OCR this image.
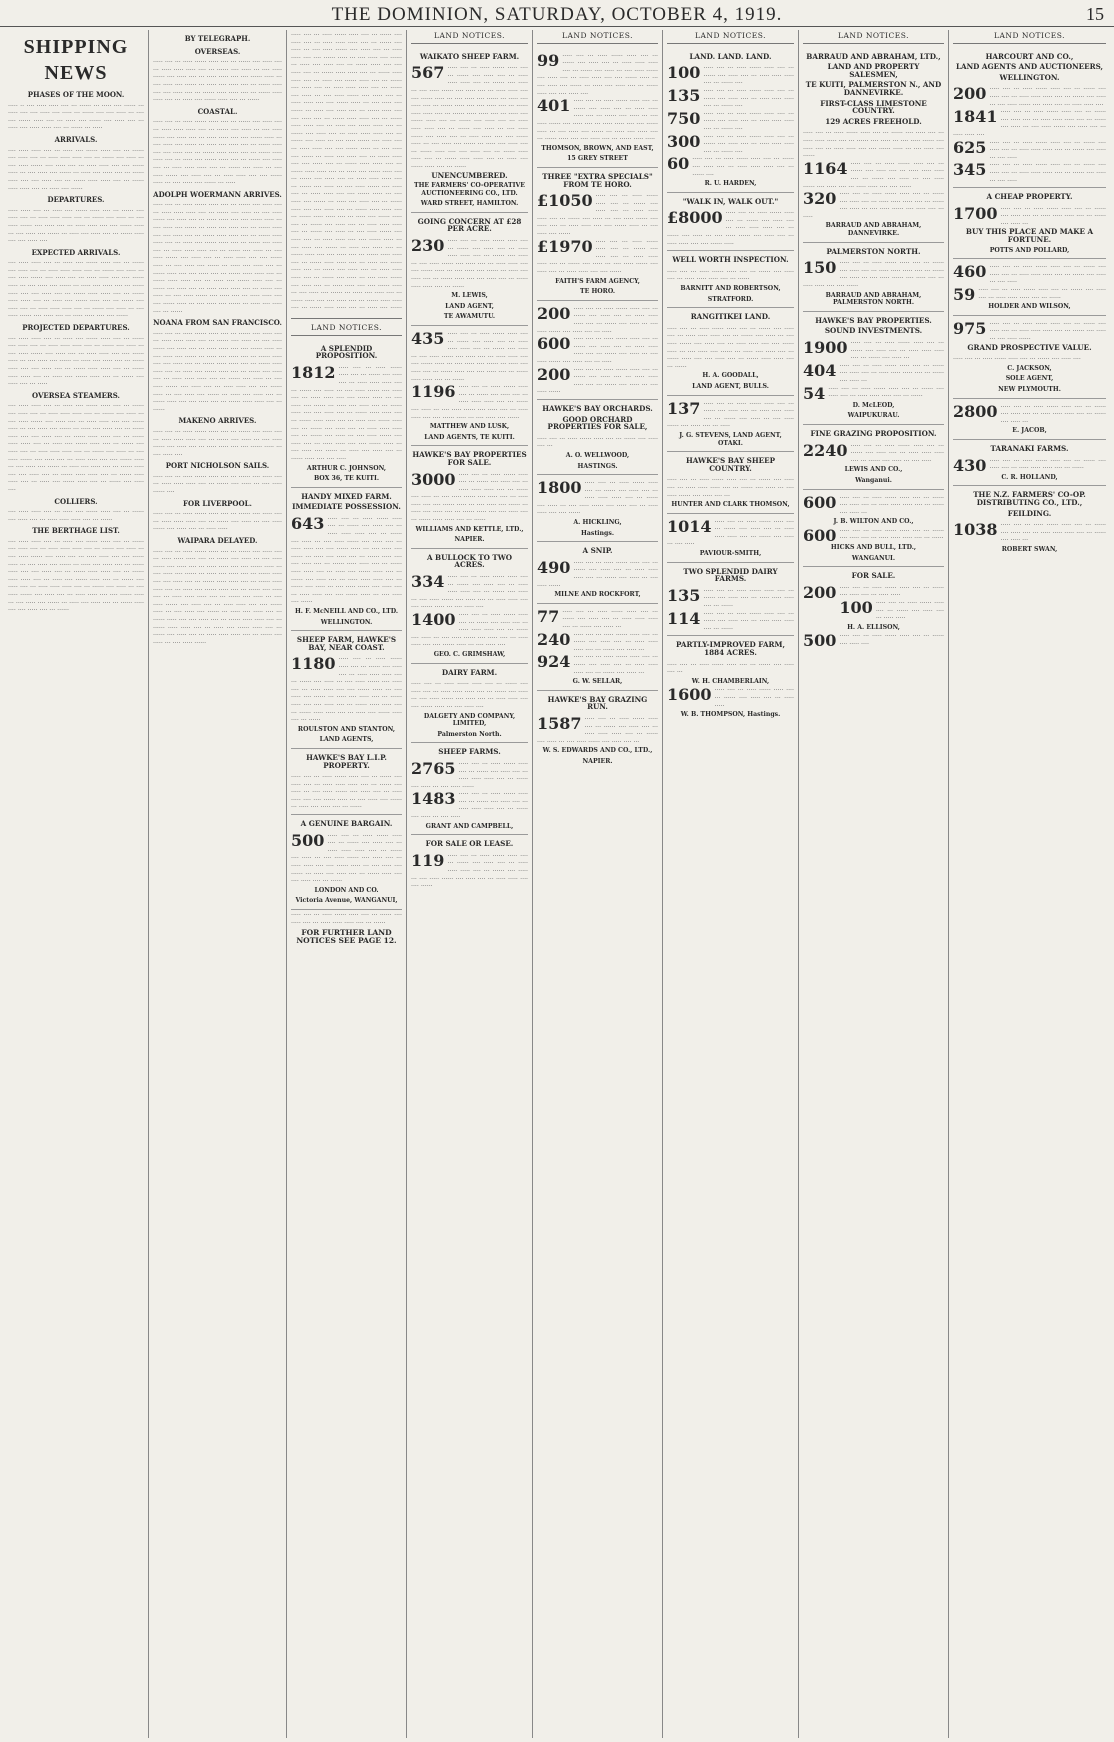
THE DOMINION, SATURDAY, OCTOBER 4, 1919.	15
SHIPPING NEWS
PHASES OF THE MOON.
..... .. .... ..... ..... .... ... ...... ... ..... .... ...... ... ..... .... .... ..... .... ..... ... ...... .... .... ..... ... .... .... ...... ..... .... ... ..... .... ...... .... ..... .... ... ..... .... ..... ..... .... ... ...... ... .....
ARRIVALS.
.... ..... ..... .... ... ..... .... ...... ..... .... ... ...... .... ..... .... ... ..... ..... ..... .... ... ...... .... ..... ... .... ..... ...... .... ..... .... ... ..... ..... .... .... ...... ..... ... .... ..... .... ...... ... ..... .... ..... .... ... ...... ..... .... .... ..... .... ... ...... ..... ..... .... ... ...... ..... ..... .... ... ..... .... ......
DEPARTURES.
..... ..... .... ... ..... .... ...... ..... .... ... ...... .... ..... .... ... ..... ..... ..... .... ... ...... .... ..... ... .... ..... ...... .... ..... .... ... ..... ..... .... .... ...... ..... ... .... ..... .... ...... ... ..... .... ..... .... ... ...... ..... .... .... ..... ....
EXPECTED ARRIVALS.
.... ..... ..... .... ... ..... .... ...... ..... .... ... ...... .... ..... .... ... ..... ..... ..... .... ... ...... .... ..... ... .... ..... ...... .... ..... .... ... ..... ..... .... .... ...... ..... ... .... ..... .... ...... ... ..... .... ..... .... ... ...... ..... .... .... ..... .... ... ...... ..... ..... .... ... ...... ..... ..... .... ... ..... .... ...... ..... .... ... ...... .... ..... .... ... ..... ..... ..... .... ... ...... .... ..... ... .... ..... ...... .... ..... .... ... ..... ..... .... .... ......
PROJECTED DEPARTURES.
.... ..... ..... .... ... ..... .... ...... ..... .... ... ...... .... ..... .... ... ..... ..... ..... .... ... ...... .... ..... ... .... ..... ...... .... ..... .... ... ..... ..... .... .... ...... ..... ... .... ..... .... ...... ... ..... .... ..... .... ... ...... ..... .... .... ..... .... ... ...... ..... ..... .... ... ...... ..... ..... .... ... ..... .... ...... ..... .... ... ...... .... ..... .... ... .....
OVERSEA STEAMERS.
.... ..... ..... .... ... ..... .... ...... ..... .... ... ...... .... ..... .... ... ..... ..... ..... .... ... ...... .... ..... ... .... ..... ...... .... ..... .... ... ..... ..... .... .... ...... ..... ... .... ..... .... ...... ... ..... .... ..... .... ... ...... ..... .... .... ..... .... ... ...... ..... ..... .... ... ...... ..... ..... .... ... ..... .... ...... ..... .... ... ...... .... ..... .... ... ..... ..... ..... .... ... ...... .... ..... ... .... ..... ...... .... ..... .... ... ..... ..... .... .... ...... ..... ... .... ..... .... ...... ... ..... .... ..... .... ... ...... ..... .... .... ..... .... ... ...... ..... ..... .... ... ...... ..... ..... .... ... ..... .... ...... ..... .... ... ...... .... ..... ....
COLLIERS.
.... ..... ..... .... ... ..... .... ...... ..... .... ... ...... .... ..... .... ... ..... ..... ..... .... ... ......
THE BERTHAGE LIST.
.... ..... ..... .... ... ..... .... ...... ..... .... ... ...... .... ..... .... ... ..... ..... ..... .... ... ...... .... ..... ... .... ..... ...... .... ..... .... ... ..... ..... .... .... ...... ..... ... .... ..... .... ...... ... ..... .... ..... .... ... ...... ..... .... .... ..... .... ... ...... ..... ..... .... ... ...... ..... ..... .... ... ..... .... ...... ..... .... ... ...... .... ..... .... ... ..... ..... ..... .... ... ...... .... ..... ... .... ..... ...... .... ..... .... ... ..... ..... .... .... ...... ..... ... .... ..... .... ...... ... ..... .... ..... .... ... ...... ..... .... .... ..... .... ... ......
BY TELEGRAPH.
OVERSEAS.
..... .... ... ..... ...... ..... .... ... ...... .... ..... .... ... ..... ..... ..... .... ... ...... .... ..... ... .... ..... ...... .... ..... .... ... ..... ..... .... .... ...... ..... ... .... ..... .... ...... ... ..... .... ..... .... ... ...... ..... .... .... ..... .... ... ...... ..... ..... .... ... ...... ..... ..... .... ... ..... .... ...... ..... .... ... ......
COASTAL.
..... .... ... ..... ...... ..... .... ... ...... .... ..... .... ... ..... ..... ..... .... ... ...... .... ..... ... .... ..... ...... .... ..... .... ... ..... ..... .... .... ...... ..... ... .... ..... .... ...... ... ..... .... ..... .... ... ...... ..... .... .... ..... .... ... ...... ..... ..... .... ... ...... ..... ..... .... ... ..... .... ...... ..... .... ... ...... .... ..... .... ... ..... ..... ..... .... ... ...... .... ..... ... .... ..... ...... .... ..... .... ... ..... ..... .... .... ...... ..... ... .... ..... .... ...... ... .....
ADOLPH WOERMANN ARRIVES.
..... .... ... ..... ...... ..... .... ... ...... .... ..... .... ... ..... ..... ..... .... ... ...... .... ..... ... .... ..... ...... .... ..... .... ... ..... ..... .... .... ...... ..... ... .... ..... .... ...... ... ..... .... ..... .... ... ...... ..... .... .... ..... .... ... ...... ..... ..... .... ... ...... ..... ..... .... ... ..... .... ...... ..... .... ... ...... .... ..... .... ... ..... ..... ..... .... ... ...... .... ..... ... .... ..... ...... .... ..... .... ... ..... ..... .... .... ...... ..... ... .... ..... .... ...... ... ..... .... ..... .... ... ...... ..... .... .... ..... .... ... ...... ..... ..... .... ... ...... ..... ..... .... ... ..... .... ...... ..... .... ... ...... .... ..... .... ... ..... ..... ..... .... ... ...... .... ..... ... .... ..... ...... .... ..... .... ... ..... ..... .... .... ...... ..... ... .... ..... .... ...... ... ..... .... ..... .... ... ......
NOANA FROM SAN FRANCISCO.
..... .... ... ..... ...... ..... .... ... ...... .... ..... .... ... ..... ..... ..... .... ... ...... .... ..... ... .... ..... ...... .... ..... .... ... ..... ..... .... .... ...... ..... ... .... ..... .... ...... ... ..... .... ..... .... ... ...... ..... .... .... ..... .... ... ...... ..... ..... .... ... ...... ..... ..... .... ... ..... .... ...... ..... .... ... ...... .... ..... .... ... ..... ..... ..... .... ... ...... .... ..... ... .... ..... ...... .... ..... .... ... ..... ..... .... .... ...... ..... ... .... ..... .... ...... ... ..... .... ..... .... ... ...... ..... .... .... ..... .... ... ...... ..... ..... .... ... ......
MAKENO ARRIVES.
..... .... ... ..... ...... ..... .... ... ...... .... ..... .... ... ..... ..... ..... .... ... ...... .... ..... ... .... ..... ...... .... ..... .... ... ..... ..... .... .... ...... ..... ... .... ..... ....
PORT NICHOLSON SAILS.
..... .... ... ..... ...... ..... .... ... ...... .... ..... .... ... ..... ..... ..... .... ... ...... .... ..... ... .... ..... ...... ....
FOR LIVERPOOL.
..... .... ... ..... ...... ..... .... ... ...... .... ..... .... ... ..... ..... ..... .... ... ...... .... ..... ... .... ..... ...... .... ..... .... ... ..... .....
WAIPARA DELAYED.
..... .... ... ..... ...... ..... .... ... ...... .... ..... .... ... ..... ..... ..... .... ... ...... .... ..... ... .... ..... ...... .... ..... .... ... ..... ..... .... .... ...... ..... ... .... ..... .... ...... ... ..... .... ..... .... ... ...... ..... .... .... ..... .... ... ...... ..... ..... .... ... ...... ..... ..... .... ... ..... .... ...... ..... .... ... ...... .... ..... .... ... ..... ..... ..... .... ... ...... .... ..... ... .... ..... ...... .... ..... .... ... ..... ..... .... .... ...... ..... ... .... ..... .... ...... ... ..... .... ..... .... ... ...... ..... .... .... ..... .... ... ...... ..... ..... .... ... ...... ..... ..... .... ... ..... .... ...... ..... .... ... ...... .... ..... .... ... ..... ..... ..... .... ... ...... .... ..... ... .... ..... ......
..... .... ... ..... ...... ..... .... ... ...... .... ..... .... ... ..... ..... ..... .... ... ...... .... ..... ... .... ..... ...... .... ..... .... ... ..... ..... .... .... ...... ..... ... .... ..... .... ...... ... ..... .... ..... .... ... ...... ..... .... .... ..... .... ... ...... ..... ..... .... ... ...... ..... ..... .... ... ..... .... ...... ..... .... ... ...... .... ..... .... ... ..... ..... ..... .... ... ...... .... ..... ... .... ..... ...... .... ..... .... ... ..... ..... .... .... ...... ..... ... .... ..... .... ...... ... ..... .... ..... .... ... ...... ..... .... .... ..... .... ... ...... ..... ..... .... ... ...... ..... ..... .... ... ..... .... ...... ..... .... ... ...... .... ..... .... ... ..... ..... ..... .... ... ...... .... ..... ... .... ..... ...... .... ..... .... ... ..... ..... .... .... ...... ..... ... .... ..... .... ...... ... ..... .... ..... .... ... ...... ..... .... .... ..... .... ... ...... ..... ..... .... ... ...... ..... ..... .... ... ..... .... ...... ..... .... ... ...... .... ..... .... ... ..... ..... ..... .... ... ...... .... ..... ... .... ..... ...... .... ..... .... ... ..... ..... .... .... ...... ..... ... .... ..... .... ...... ... ..... .... ..... .... ... ...... ..... .... .... ..... .... ... ...... ..... ..... .... ... ...... ..... ..... .... ... ..... .... ...... ..... .... ... ...... .... ..... .... ... ..... ..... ..... .... ... ...... .... ..... ... .... ..... ...... .... ..... .... ... ..... ..... .... .... ...... ..... ... .... ..... .... ...... ... ..... .... ..... .... ... ...... ..... .... .... ..... .... ... ...... ..... ..... .... ... ...... ..... ..... .... ... ..... .... ...... ..... .... ... ...... .... ..... .... ... ..... ..... ..... .... ... ...... .... ..... ... .... ..... ...... .... ..... .... ... ..... ..... .... .... ...... ..... ... .... ..... .... ...... ... ..... .... ..... .... ... ...... ..... .... .... ..... .... ... ...... ..... ..... .... ... ...... ..... ..... .... ... ..... .... ...... ..... .... ... ...... .... ..... .... ... ..... .....
LAND NOTICES.
A SPLENDID PROPOSITION.
1812 ..... .... ... ..... ...... ..... .... ... ...... .... ..... .... ... ..... ..... ..... .... ... ...... .... ..... ... .... ..... ...... .... ..... .... ... ..... ..... .... .... ...... ..... ... .... ..... .... ...... ... ..... .... ..... .... ... ...... ..... .... .... ..... .... ... ...... ..... ..... .... ... ...... ..... ..... .... ... ..... .... ...... ..... .... ... ...... .... ..... .... ... ..... ..... ..... .... ... ...... .... ..... ... .... ..... ...... .... ..... .... ... ..... ..... .... .... ...... ..... ... .... ..... .... ...... ... ..... .... ..... .... ... ...... ..... .... .... .....
ARTHUR C. JOHNSON,
BOX 36, TE KUITI.
HANDY MIXED FARM.
IMMEDIATE POSSESSION.
643 ..... .... ... ..... ...... ..... .... ... ...... .... ..... .... ... ..... ..... ..... .... ... ...... .... ..... ... .... ..... ...... .... ..... .... ... ..... ..... .... .... ...... ..... ... .... ..... .... ...... ... ..... .... ..... .... ... ...... ..... .... .... ..... .... ... ...... ..... ..... .... ... ...... ..... ..... .... ... ..... .... ...... ..... .... ... ...... .... ..... .... ... ..... ..... ..... .... ... ...... .... ..... ... .... ..... ...... .... ..... .... ... ..... ..... .... .... ...... ..... ... .... ..... .... ......
H. F. McNEILL AND CO., LTD.
WELLINGTON.
SHEEP FARM, HAWKE'S BAY, NEAR COAST.
1180 ..... .... ... ..... ...... ..... .... ... ...... .... ..... .... ... ..... ..... ..... .... ... ...... .... ..... ... .... ..... ...... .... ..... .... ... ..... ..... .... .... ...... ..... ... .... ..... .... ...... ... ..... .... ..... .... ... ...... ..... .... .... ..... .... ... ...... ..... ..... .... ... ...... ..... ..... .... ... ..... .... ...... ..... .... ... ......
ROULSTON AND STANTON,
LAND AGENTS,
HAWKE'S BAY L.I.P. PROPERTY.
..... .... ... ..... ...... ..... .... ... ...... .... ..... .... ... ..... ..... ..... .... ... ...... .... ..... ... .... ..... ...... .... ..... .... ... ..... ..... .... .... ...... ..... ... .... ..... .... ...... ... ..... .... ..... .... ... ......
A GENUINE BARGAIN.
500 ..... .... ... ..... ...... ..... .... ... ...... .... ..... .... ... ..... ..... ..... .... ... ...... .... ..... ... .... ..... ...... .... ..... .... ... ..... ..... .... .... ...... ..... ... .... ..... .... ...... ... ..... .... ..... .... ... ...... ..... .... .... ..... .... ... ......
LONDON AND CO.
Victoria Avenue, WANGANUI,
..... .... ... ..... ...... ..... .... ... ...... .... ..... .... ... ..... ..... ..... .... ... ......
FOR FURTHER LAND NOTICES SEE PAGE 12.
LAND NOTICES.
WAIKATO SHEEP FARM.
567 ..... .... ... ..... ...... ..... .... ... ...... .... ..... .... ... ..... ..... ..... .... ... ...... .... ..... ... .... ..... ...... .... ..... .... ... ..... ..... .... .... ...... ..... ... .... ..... .... ...... ... ..... .... ..... .... ... ...... ..... .... .... ..... .... ... ...... ..... ..... .... ... ...... ..... ..... .... ... ..... .... ...... ..... .... ... ...... .... ..... .... ... ..... ..... ..... .... ... ...... .... ..... ... .... ..... ...... .... ..... .... ... ..... ..... .... .... ...... ..... ... .... ..... .... ...... ... ..... .... ..... .... ... ...... ..... .... .... ..... .... ... ...... ..... ..... .... ... ...... ..... ..... .... ... ..... .... ...... ..... .... ... ......
UNENCUMBERED.
THE FARMERS' CO-OPERATIVE AUCTIONEERING CO., LTD.
WARD STREET, HAMILTON.
GOING CONCERN AT £28 PER ACRE.
230 ..... .... ... ..... ...... ..... .... ... ...... .... ..... .... ... ..... ..... ..... .... ... ...... .... ..... ... .... ..... ...... .... ..... .... ... ..... ..... .... .... ...... ..... ... .... ..... .... ...... ... ..... .... ..... .... ... ...... ..... .... .... ..... .... ... ...... ..... ..... .... ... ......
M. LEWIS,
LAND AGENT,
TE AWAMUTU.
435 ..... .... ... ..... ...... ..... .... ... ...... .... ..... .... ... ..... ..... ..... .... ... ...... .... ..... ... .... ..... ...... .... ..... .... ... ..... ..... .... .... ...... ..... ... .... ..... .... ...... ... ..... .... ..... .... ... ...... ..... .... .... ..... .... ... ...... ..... ..... .... ... ......
1196 ..... .... ... ..... ...... ..... .... ... ...... .... ..... .... ... ..... ..... ..... .... ... ...... .... ..... ... .... ..... ...... .... ..... .... ... ..... ..... .... .... ...... ..... ... .... ..... .... ......
MATTHEW AND LUSK,
LAND AGENTS, TE KUITI.
HAWKE'S BAY PROPERTIES FOR SALE.
3000 ..... .... ... ..... ...... ..... .... ... ...... .... ..... .... ... ..... ..... ..... .... ... ...... .... ..... ... .... ..... ...... .... ..... .... ... ..... ..... .... .... ...... ..... ... .... ..... .... ...... ... ..... .... ..... .... ... ...... ..... .... .... ..... .... ... ...... ..... ..... .... ... ......
WILLIAMS AND KETTLE, LTD.,
NAPIER.
A BULLOCK TO TWO ACRES.
334 ..... .... ... ..... ...... ..... .... ... ...... .... ..... .... ... ..... ..... ..... .... ... ...... .... ..... ... .... ..... ...... .... ..... .... ... ..... ..... .... .... ...... ..... ... .... ..... ....
1400 ..... .... ... ..... ...... ..... .... ... ...... .... ..... .... ... ..... ..... ..... .... ... ...... .... ..... ... .... ..... ...... .... ..... .... ... ..... ..... .... .... ...... ..... ... .... ..... ....
GEO. C. GRIMSHAW,
DAIRY FARM.
..... .... ... ..... ...... ..... .... ... ...... .... ..... .... ... ..... ..... ..... .... ... ...... .... ..... ... .... ..... ...... .... ..... .... ... ..... ..... .... .... ...... ..... ... .... ..... ....
DALGETY AND COMPANY, LIMITED,
Palmerston North.
SHEEP FARMS.
2765 ..... .... ... ..... ...... ..... .... ... ...... .... ..... .... ... ..... ..... ..... .... ... ...... .... ..... ... .... ..... ......
1483 ..... .... ... ..... ...... ..... .... ... ...... .... ..... .... ... ..... ..... ..... .... ... ...... .... ..... ... .... .....
GRANT AND CAMPBELL,
FOR SALE OR LEASE.
119 ..... .... ... ..... ...... ..... .... ... ...... .... ..... .... ... ..... ..... ..... .... ... ...... .... ..... ... .... ..... ...... .... ..... .... ... ..... ..... .... .... ......
LAND NOTICES.
99 ..... .... ... ..... ...... ..... .... ... ...... .... ..... .... ... ..... ..... ..... .... ... ...... .... ..... ... .... ..... ...... .... ..... .... ... ..... ..... .... .... ...... ..... ... .... ..... .... ...... ... ..... .... ..... .... ... ...... ..... .... .... ..... ....
401 ..... .... ... ..... ...... ..... .... ... ...... .... ..... .... ... ..... ..... ..... .... ... ...... .... ..... ... .... ..... ...... .... ..... .... ... ..... ..... .... .... ...... ..... ... .... ..... .... ...... ... ..... .... ..... .... ... ...... ..... .... .... ..... .... ... ...... ..... .....
THOMSON, BROWN, AND EAST,
15 GREY STREET
THREE "EXTRA SPECIALS" FROM TE HORO.
£1050 ..... .... ... ..... ...... ..... .... ... ...... .... ..... .... ... ..... ..... ..... .... ... ...... .... ..... ... .... ..... ...... .... ..... .... ... ..... ..... .... .... ...... ..... ... .... ..... .... ......
£1970 ..... .... ... ..... ...... ..... .... ... ...... .... ..... .... ... ..... ..... ..... .... ... ...... .... ..... ... .... ..... ...... .... ..... .... ... ..... ..... .... .... ......
FAITH'S FARM AGENCY,
TE HORO.
200 ..... .... ... ..... ...... ..... .... ... ...... .... ..... .... ... ..... ..... ..... .... ... ...... .... ..... ... .... ..... ...... .... ..... .... ... .....
600 ..... .... ... ..... ...... ..... .... ... ...... .... ..... .... ... ..... ..... ..... .... ... ...... .... ..... ... .... ..... ...... .... ..... .... ... .....
200 ..... .... ... ..... ...... ..... .... ... ...... .... ..... .... ... ..... ..... ..... .... ... ...... .... ..... ... .... ..... ......
HAWKE'S BAY ORCHARDS.
GOOD ORCHARD PROPERTIES FOR SALE,
..... .... ... ..... ...... ..... .... ... ...... .... ..... .... ...
A. O. WELLWOOD,
HASTINGS.
1800 ..... .... ... ..... ...... ..... .... ... ...... .... ..... .... ... ..... ..... ..... .... ... ...... .... ..... ... .... ..... ...... .... ..... .... ... ..... ..... .... .... ......
A. HICKLING,
Hastings.
A SNIP.
490 ..... .... ... ..... ...... ..... .... ... ...... .... ..... .... ... ..... ..... ..... .... ... ...... .... ..... ... .... ..... ......
MILNE AND ROCKFORT,
77 ..... .... ... ..... ...... ..... .... ... ...... .... ..... .... ... ..... ..... ..... .... ... ...... .... ..... ...
240 ..... .... ... ..... ...... ..... .... ... ...... .... ..... .... ... ..... ..... ..... .... ... ...... .... ..... ...
924 ..... .... ... ..... ...... ..... .... ... ...... .... ..... .... ... ..... ..... ..... .... ... ...... .... ..... ...
G. W. SELLAR,
HAWKE'S BAY GRAZING RUN.
1587 ..... .... ... ..... ...... ..... .... ... ...... .... ..... .... ... ..... ..... ..... .... ... ...... .... ..... ... .... ..... ...... .... ..... .... ...
W. S. EDWARDS AND CO., LTD.,
NAPIER.
LAND NOTICES.
LAND. LAND. LAND.
100 ..... .... ... ..... ...... ..... .... ... ...... .... ..... .... ... ..... ..... ..... .... ... ...... ....
135 ..... .... ... ..... ...... ..... .... ... ...... .... ..... .... ... ..... ..... ..... .... ... ...... ....
750 ..... .... ... ..... ...... ..... .... ... ...... .... ..... .... ... ..... ..... ..... .... ... ...... ....
300 ..... .... ... ..... ...... ..... .... ... ...... .... ..... .... ... ..... ..... ..... .... ... ...... ....
60 ..... .... ... ..... ...... ..... .... ... ...... .... ..... .... ... ..... ..... ..... .... ... ...... ....
R. U. HARDEN,
"WALK IN, WALK OUT."
£8000 ..... .... ... ..... ...... ..... .... ... ...... .... ..... .... ... ..... ..... ..... .... ... ...... .... ..... ... .... ..... ...... .... ..... .... ... ..... ..... .... .... ...... .....
WELL WORTH INSPECTION.
..... .... ... ..... ...... ..... .... ... ...... .... ..... .... ... ..... ..... ..... .... ... ......
BARNITT AND ROBERTSON,
STRATFORD.
RANGITIKEI LAND.
..... .... ... ..... ...... ..... .... ... ...... .... ..... .... ... ..... ..... ..... .... ... ...... .... ..... ... .... ..... ...... .... ..... .... ... ..... ..... .... .... ...... ..... ... .... ..... .... ...... ... ..... .... ..... .... ... ...... ..... .... .... ..... .... ... ...... ..... ..... .... ... ......
H. A. GOODALL,
LAND AGENT, BULLS.
137 ..... .... ... ..... ...... ..... .... ... ...... .... ..... .... ... ..... ..... ..... .... ... ...... .... ..... ... .... ..... ...... .... ..... .... ... .....
J. G. STEVENS, LAND AGENT, OTAKI.
HAWKE'S BAY SHEEP COUNTRY.
..... .... ... ..... ...... ..... .... ... ...... .... ..... .... ... ..... ..... ..... .... ... ...... .... ..... ... .... ..... ...... .... ..... .... ...
HUNTER AND CLARK THOMSON,
1014 ..... .... ... ..... ...... ..... .... ... ...... .... ..... .... ... ..... ..... ..... .... ... ...... .... ..... ... .... .....
PAVIOUR-SMITH,
TWO SPLENDID DAIRY FARMS.
135 ..... .... ... ..... ...... ..... .... ... ...... .... ..... .... ... ..... ..... ..... .... ... ......
114 ..... .... ... ..... ...... ..... .... ... ...... .... ..... .... ... ..... ..... ..... .... ... ......
PARTLY-IMPROVED FARM, 1884 ACRES.
..... .... ... ..... ...... ..... .... ... ...... .... ..... .... ...
W. H. CHAMBERLAIN,
1600 ..... .... ... ..... ...... ..... .... ... ...... .... ..... .... ... ..... .....
W. B. THOMPSON, Hastings.
LAND NOTICES.
BARRAUD AND ABRAHAM, LTD.,
LAND AND PROPERTY SALESMEN,
TE KUITI, PALMERSTON N., AND DANNEVIRKE.
FIRST-CLASS LIMESTONE COUNTRY.
129 ACRES FREEHOLD.
..... .... ... ..... ...... ..... .... ... ...... .... ..... .... ... ..... ..... ..... .... ... ...... .... ..... ... .... ..... ...... .... ..... .... ... ..... ..... .... .... ...... ..... ... .... ..... .... ......
1164 ..... .... ... ..... ...... ..... .... ... ...... .... ..... .... ... ..... ..... ..... .... ... ...... .... ..... ... .... ..... ...... .... ..... .... ... ..... ..... .... .... ......
320 ..... .... ... ..... ...... ..... .... ... ...... .... ..... .... ... ..... ..... ..... .... ... ...... .... ..... ... .... ..... ...... .... ..... .... ... .....
BARRAUD AND ABRAHAM, DANNEVIRKE.
PALMERSTON NORTH.
150 ..... .... ... ..... ...... ..... .... ... ...... .... ..... .... ... ..... ..... ..... .... ... ...... .... ..... ... .... ..... ...... .... ..... .... ... ..... ..... .... .... ......
BARRAUD AND ABRAHAM, PALMERSTON NORTH.
HAWKE'S BAY PROPERTIES.
SOUND INVESTMENTS.
1900 ..... .... ... ..... ...... ..... .... ... ...... .... ..... .... ... ..... ..... ..... .... ... ...... .... ..... ...
404 ..... .... ... ..... ...... ..... .... ... ...... .... ..... .... ... ..... ..... ..... .... ... ...... .... ..... ...
54 ..... .... ... ..... ...... ..... .... ... ...... .... ..... .... ... ..... ..... ..... .... ... ......
D. McLEOD,
WAIPUKURAU.
FINE GRAZING PROPOSITION.
2240 ..... .... ... ..... ...... ..... .... ... ...... .... ..... .... ... ..... ..... ..... .... ... ...... .... ..... ... .... .....
LEWIS AND CO.,
Wanganui.
600 ..... .... ... ..... ...... ..... .... ... ...... .... ..... .... ... ..... ..... ..... .... ... ...... .... ..... ...
J. B. WILTON AND CO.,
600 ..... .... ... ..... ...... ..... .... ... ...... .... ..... .... ... ..... ..... ..... .... ... ......
HICKS AND BULL, LTD.,
WANGANUI.
FOR SALE.
200 ..... .... ... ..... ...... ..... .... ... ...... .... ..... .... ... ..... .....
100 ..... .... ... ..... ...... ..... .... ... ...... .... ..... .... ... ..... .....
H. A. ELLISON,
500 ..... .... ... ..... ...... ..... .... ... ...... .... ..... ....
LAND NOTICES.
HARCOURT AND CO.,
LAND AGENTS AND AUCTIONEERS,
WELLINGTON.
200 ..... .... ... ..... ...... ..... .... ... ...... .... ..... .... ... ..... ..... ..... .... ... ...... .... ..... ... .... ..... ...... .... ..... .... ... ..... ..... ....
1841 ..... .... ... ..... ...... ..... .... ... ...... .... ..... .... ... ..... ..... ..... .... ... ...... .... ..... ... .... ..... ...... .... ..... .... ... ..... ..... ....
625 ..... .... ... ..... ...... ..... .... ... ...... .... ..... .... ... ..... ..... ..... .... ... ...... .... ..... ... .... .....
345 ..... .... ... ..... ...... ..... .... ... ...... .... ..... .... ... ..... ..... ..... .... ... ...... .... ..... ... .... .....
A CHEAP PROPERTY.
1700 ..... .... ... ..... ...... ..... .... ... ...... .... ..... .... ... ..... ..... ..... .... ... ...... .... ..... ...
BUY THIS PLACE AND MAKE A FORTUNE.
POTTS AND POLLARD,
460 ..... .... ... ..... ...... ..... .... ... ...... .... ..... .... ... ..... ..... ..... .... ... ...... .... ..... ... .... .....
59 ..... .... ... ..... ...... ..... .... ... ...... .... ..... .... ... ..... ..... ..... .... ... ......
HOLDER AND WILSON,
975 ..... .... ... ..... ...... ..... .... ... ...... .... ..... .... ... ..... ..... ..... .... ... ...... .... ..... ... .... ..... ......
GRAND PROSPECTIVE VALUE.
..... .... ... ..... ...... ..... .... ... ...... .... ..... ....
C. JACKSON,
SOLE AGENT,
NEW PLYMOUTH.
2800 ..... .... ... ..... ...... ..... .... ... ...... .... ..... .... ... ..... ..... ..... .... ... ...... .... ..... ...
E. JACOB,
TARANAKI FARMS.
430 ..... .... ... ..... ...... ..... .... ... ...... .... ..... .... ... ..... ..... ..... .... ... ......
C. R. HOLLAND,
THE N.Z. FARMERS' CO-OP. DISTRIBUTING CO., LTD.,
FEILDING.
1038 ..... .... ... ..... ...... ..... .... ... ...... .... ..... .... ... ..... ..... ..... .... ... ...... .... ..... ...
ROBERT SWAN,
